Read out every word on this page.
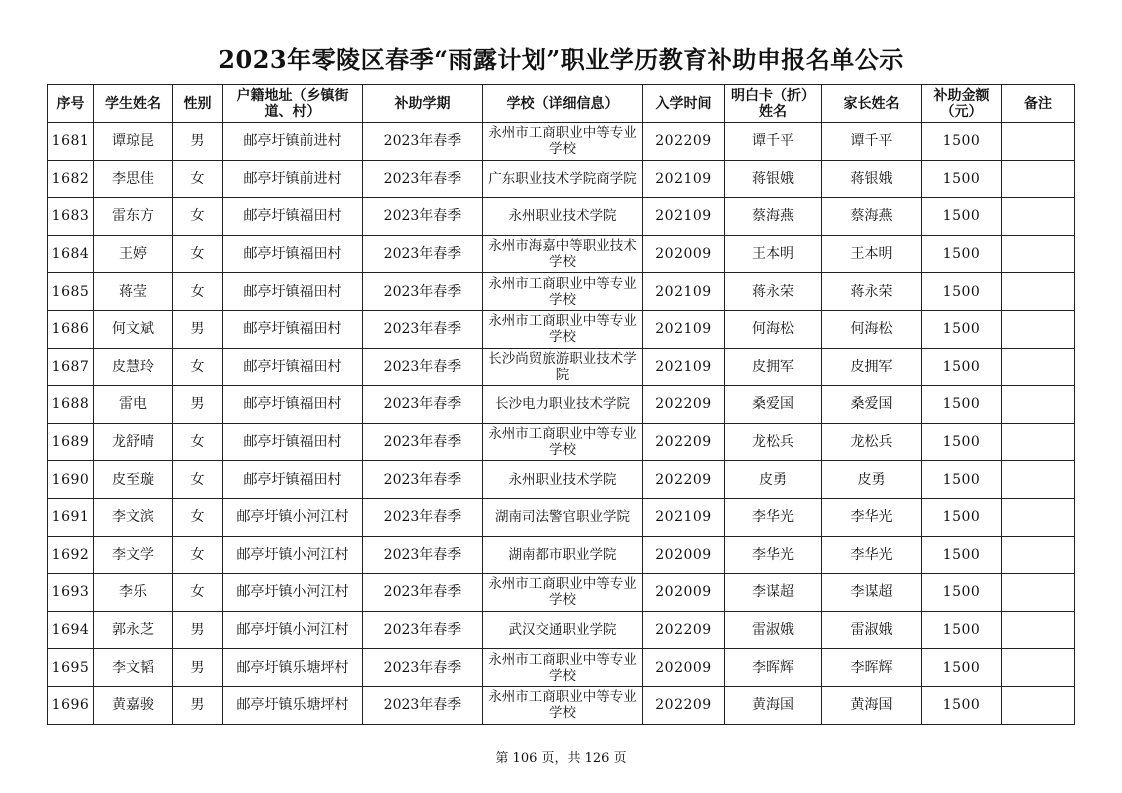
2023年零陵区春季“雨露计划”职业学历教育补助申报名单公示
序号	学生姓名	性别	户籍地址（乡镇街道、村）	补助学期	学校（详细信息）	入学时间	明白卡（折）姓名	家长姓名	补助金额（元）	备注
1681	谭琼昆	男	邮亭圩镇前进村	2023年春季	永州市工商职业中等专业学校	202209	谭千平	谭千平	1500	
1682	李思佳	女	邮亭圩镇前进村	2023年春季	广东职业技术学院商学院	202109	蒋银娥	蒋银娥	1500	
1683	雷东方	女	邮亭圩镇福田村	2023年春季	永州职业技术学院	202109	蔡海燕	蔡海燕	1500	
1684	王婷	女	邮亭圩镇福田村	2023年春季	永州市海嘉中等职业技术学校	202009	王本明	王本明	1500	
1685	蒋莹	女	邮亭圩镇福田村	2023年春季	永州市工商职业中等专业学校	202109	蒋永荣	蒋永荣	1500	
1686	何文斌	男	邮亭圩镇福田村	2023年春季	永州市工商职业中等专业学校	202109	何海松	何海松	1500	
1687	皮慧玲	女	邮亭圩镇福田村	2023年春季	长沙尚贸旅游职业技术学院	202109	皮拥军	皮拥军	1500	
1688	雷电	男	邮亭圩镇福田村	2023年春季	长沙电力职业技术学院	202209	桑爱国	桑爱国	1500	
1689	龙舒晴	女	邮亭圩镇福田村	2023年春季	永州市工商职业中等专业学校	202209	龙松兵	龙松兵	1500	
1690	皮至璇	女	邮亭圩镇福田村	2023年春季	永州职业技术学院	202209	皮勇	皮勇	1500	
1691	李文滨	女	邮亭圩镇小河江村	2023年春季	湖南司法警官职业学院	202109	李华光	李华光	1500	
1692	李文学	女	邮亭圩镇小河江村	2023年春季	湖南都市职业学院	202009	李华光	李华光	1500	
1693	李乐	女	邮亭圩镇小河江村	2023年春季	永州市工商职业中等专业学校	202009	李谋超	李谋超	1500	
1694	郭永芝	男	邮亭圩镇小河江村	2023年春季	武汉交通职业学院	202209	雷淑娥	雷淑娥	1500	
1695	李文韬	男	邮亭圩镇乐塘坪村	2023年春季	永州市工商职业中等专业学校	202009	李晖辉	李晖辉	1500	
1696	黄嘉骏	男	邮亭圩镇乐塘坪村	2023年春季	永州市工商职业中等专业学校	202209	黄海国	黄海国	1500	
第 106 页，共 126 页
